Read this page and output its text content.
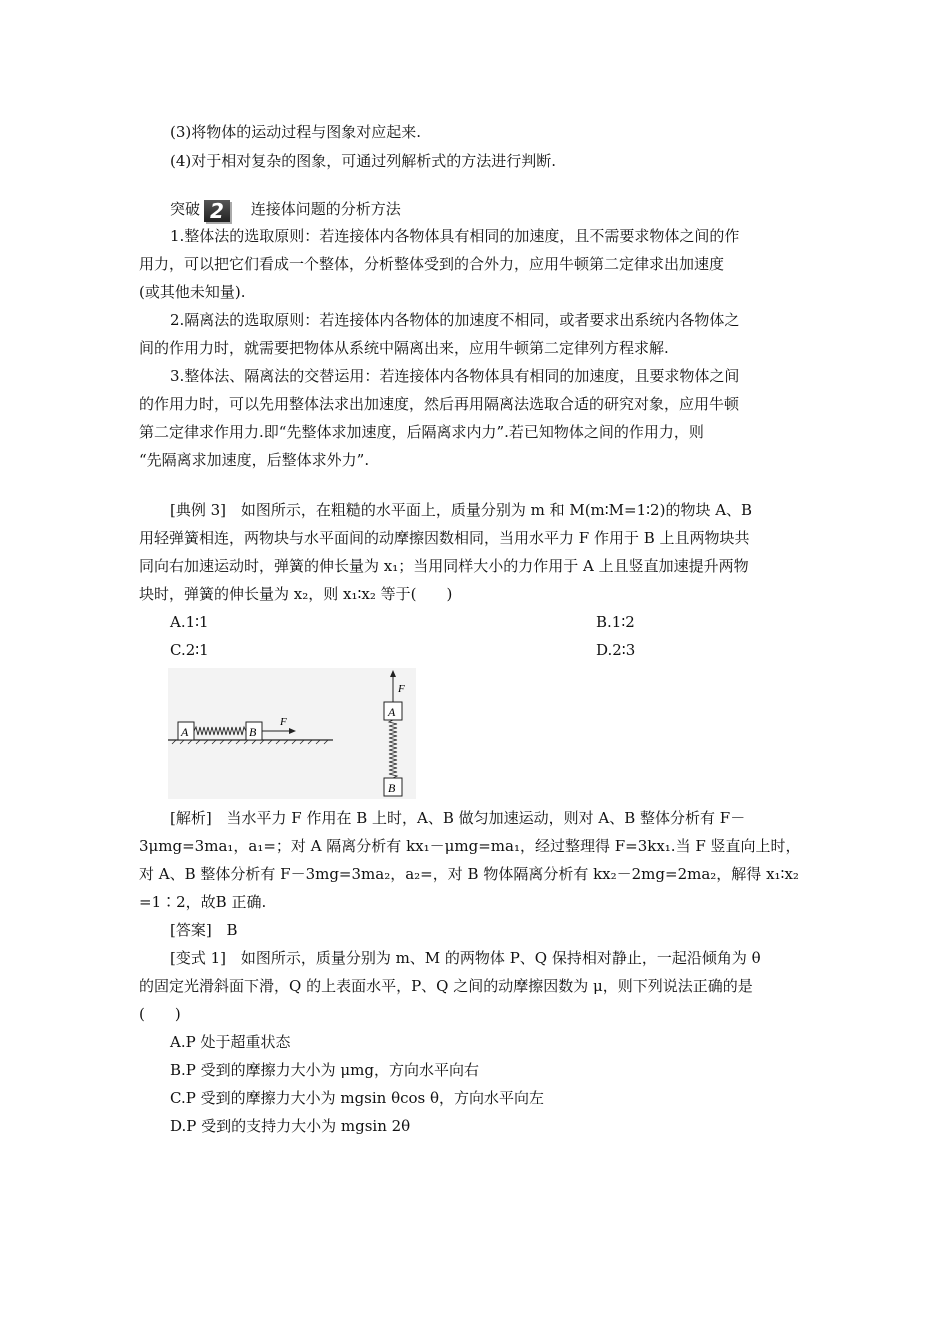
(3)将物体的运动过程与图象对应起来.
(4)对于相对复杂的图象，可通过列解析式的方法进行判断.
突破 2 连接体问题的分析方法
1.整体法的选取原则：若连接体内各物体具有相同的加速度，且不需要求物体之间的作
用力，可以把它们看成一个整体，分析整体受到的合外力，应用牛顿第二定律求出加速度
(或其他未知量).
2.隔离法的选取原则：若连接体内各物体的加速度不相同，或者要求出系统内各物体之
间的作用力时，就需要把物体从系统中隔离出来，应用牛顿第二定律列方程求解.
3.整体法、隔离法的交替运用：若连接体内各物体具有相同的加速度，且要求物体之间
的作用力时，可以先用整体法求出加速度，然后再用隔离法选取合适的研究对象，应用牛顿
第二定律求作用力.即“先整体求加速度，后隔离求内力”.若已知物体之间的作用力，则
“先隔离求加速度，后整体求外力”.
[典例 3] 如图所示，在粗糙的水平面上，质量分别为 m 和 M(m∶M=1∶2)的物块 A、B
用轻弹簧相连，两物块与水平面间的动摩擦因数相同，当用水平力 F 作用于 B 上且两物块共
同向右加速运动时，弹簧的伸长量为 x₁；当用同样大小的力作用于 A 上且竖直加速提升两物
块时，弹簧的伸长量为 x₂，则 x₁∶x₂ 等于(　　)
A.1∶1	B.1∶2
C.2∶1	D.2∶3
A	B
F
F
A
B
[解析] 当水平力 F 作用在 B 上时，A、B 做匀加速运动，则对 A、B 整体分析有 F－
3μmg=3ma₁，a₁=；对 A 隔离分析有 kx₁－μmg=ma₁，经过整理得 F=3kx₁.当 F 竖直向上时，
对 A、B 整体分析有 F－3mg=3ma₂，a₂=，对 B 物体隔离分析有 kx₂－2mg=2ma₂，解得 x₁∶x₂
=1∶2，故B 正确.
[答案] B
[变式 1] 如图所示，质量分别为 m、M 的两物体 P、Q 保持相对静止，一起沿倾角为 θ
的固定光滑斜面下滑，Q 的上表面水平，P、Q 之间的动摩擦因数为 μ，则下列说法正确的是
(　　)
A.P 处于超重状态
B.P 受到的摩擦力大小为 μmg，方向水平向右
C.P 受到的摩擦力大小为 mgsin θcos θ，方向水平向左
D.P 受到的支持力大小为 mgsin 2θ
